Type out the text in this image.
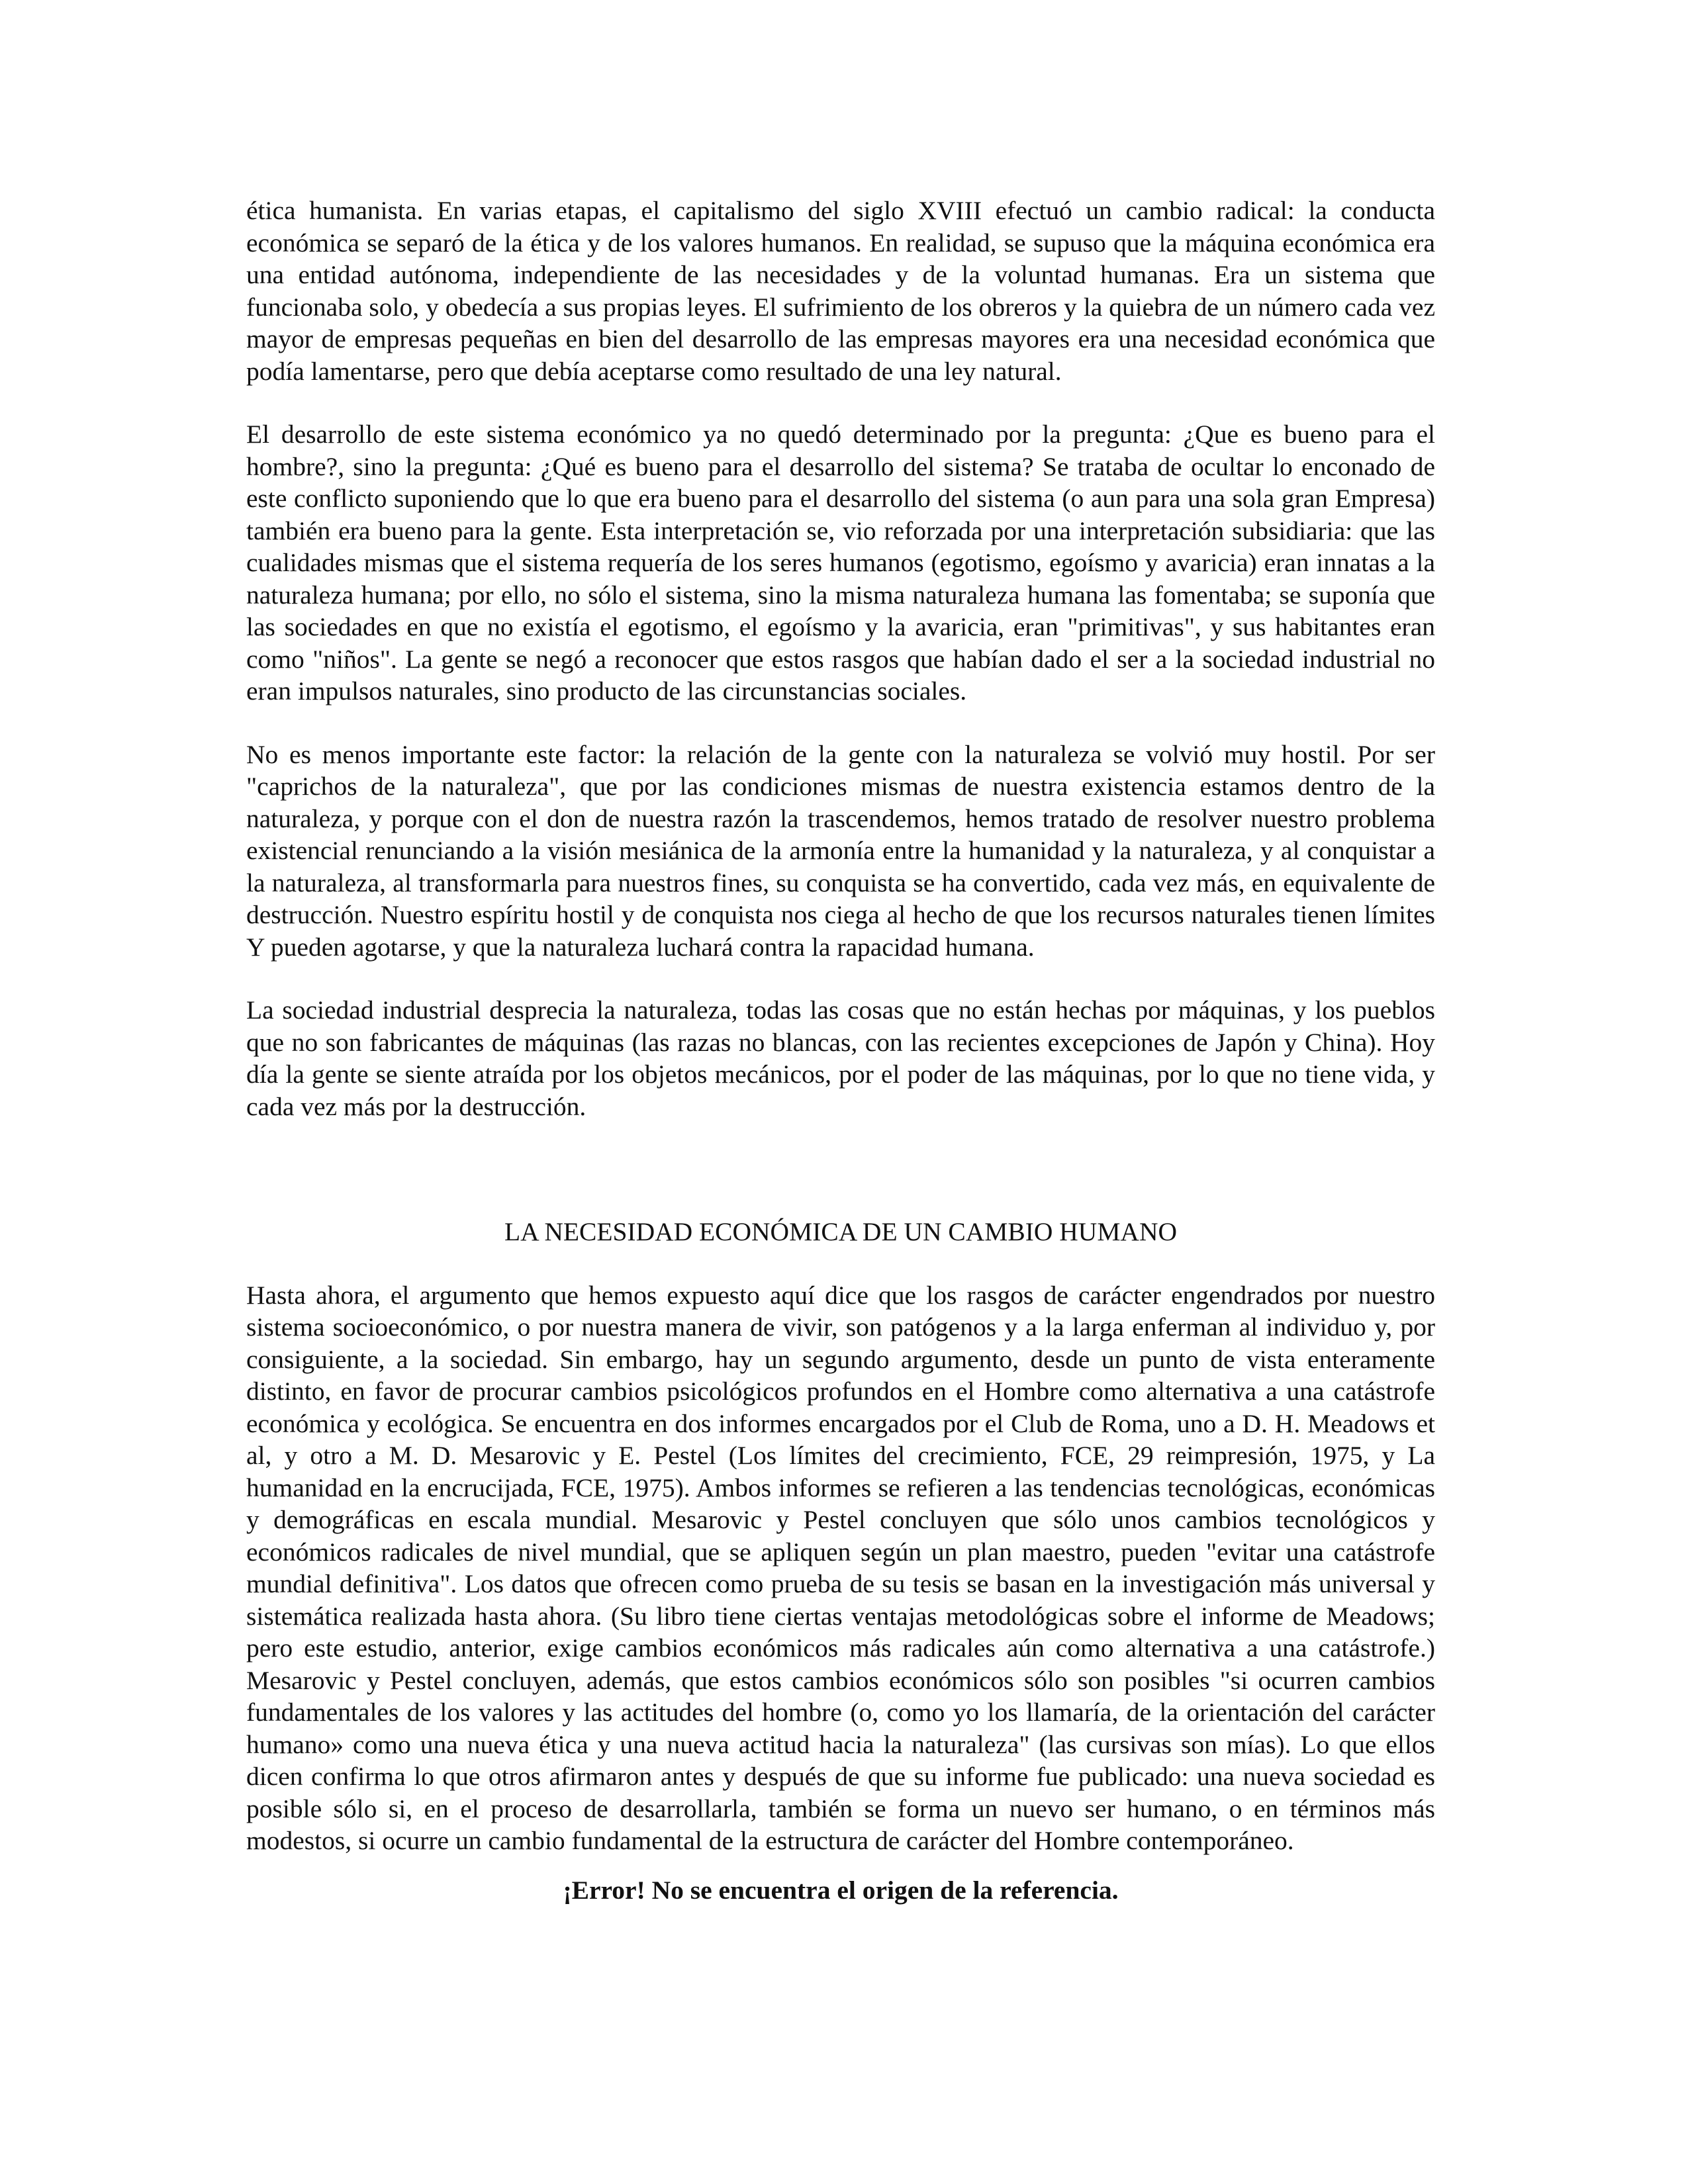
ética humanista. En varias etapas, el capitalismo del siglo XVIII efectuó un cambio radical: la conducta económica se separó de la ética y de los valores humanos. En realidad, se supuso que la máquina económica era una entidad autónoma, independiente de las necesidades y de la voluntad humanas. Era un sistema que funcionaba solo, y obedecía a sus propias leyes. El sufrimiento de los obreros y la quiebra de un número cada vez mayor de empresas pequeñas en bien del desarrollo de las empresas mayores era una necesidad económica que podía lamentarse, pero que debía aceptarse como resultado de una ley natural.

El desarrollo de este sistema económico ya no quedó determinado por la pregunta: ¿Que es bueno para el hombre?, sino la pregunta: ¿Qué es bueno para el desarrollo del sistema? Se trataba de ocultar lo enconado de este conflicto suponiendo que lo que era bueno para el desarrollo del sistema (o aun para una sola gran Empresa) también era bueno para la gente. Esta interpretación se, vio reforzada por una interpretación subsidiaria: que las cualidades mismas que el sistema requería de los seres humanos (egotismo, egoísmo y avaricia) eran innatas a la naturaleza humana; por ello, no sólo el sistema, sino la misma naturaleza humana las fomentaba; se suponía que las sociedades en que no existía el egotismo, el egoísmo y la avaricia, eran "primitivas", y sus habitantes eran como "niños". La gente se negó a reconocer que estos rasgos que habían dado el ser a la sociedad industrial no eran impulsos naturales, sino producto de las circunstancias sociales.

No es menos importante este factor: la relación de la gente con la naturaleza se volvió muy hostil. Por ser "caprichos de la naturaleza", que por las condiciones mismas de nuestra existencia estamos dentro de la naturaleza, y porque con el don de nuestra razón la trascendemos, hemos tratado de resolver nuestro problema existencial renunciando a la visión mesiánica de la armonía entre la humanidad y la naturaleza, y al conquistar a la naturaleza, al transformarla para nuestros fines, su conquista se ha convertido, cada vez más, en equivalente de destrucción. Nuestro espíritu hostil y de conquista nos ciega al hecho de que los recursos naturales tienen límites Y pueden agotarse, y que la naturaleza luchará contra la rapacidad humana.

La sociedad industrial desprecia la naturaleza, todas las cosas que no están hechas por máquinas, y los pueblos que no son fabricantes de máquinas (las razas no blancas, con las recientes excepciones de Japón y China). Hoy día la gente se siente atraída por los objetos mecánicos, por el poder de las máquinas, por lo que no tiene vida, y cada vez más por la destrucción.

LA NECESIDAD ECONÓMICA DE UN CAMBIO HUMANO

Hasta ahora, el argumento que hemos expuesto aquí dice que los rasgos de carácter engendrados por nuestro sistema socioeconómico, o por nuestra manera de vivir, son patógenos y a la larga enferman al individuo y, por consiguiente, a la sociedad. Sin embargo, hay un segundo argumento, desde un punto de vista enteramente distinto, en favor de procurar cambios psicológicos profundos en el Hombre como alternativa a una catástrofe económica y ecológica. Se encuentra en dos informes encargados por el Club de Roma, uno a D. H. Meadows et al, y otro a M. D. Mesarovic y E. Pestel (Los límites del crecimiento, FCE, 29 reimpresión, 1975, y La humanidad en la encrucijada, FCE, 1975). Ambos informes se refieren a las tendencias tecnológicas, económicas y demográficas en escala mundial. Mesarovic y Pestel concluyen que sólo unos cambios tecnológicos y económicos radicales de nivel mundial, que se apliquen según un plan maestro, pueden "evitar una catástrofe mundial definitiva". Los datos que ofrecen como prueba de su tesis se basan en la investigación más universal y sistemática realizada hasta ahora. (Su libro tiene ciertas ventajas metodológicas sobre el informe de Meadows; pero este estudio, anterior, exige cambios económicos más radicales aún como alternativa a una catástrofe.) Mesarovic y Pestel concluyen, además, que estos cambios económicos sólo son posibles "si ocurren cambios fundamentales de los valores y las actitudes del hombre (o, como yo los llamaría, de la orientación del carácter humano» como una nueva ética y una nueva actitud hacia la naturaleza" (las cursivas son mías). Lo que ellos dicen confirma lo que otros afirmaron antes y después de que su informe fue publicado: una nueva sociedad es posible sólo si, en el proceso de desarrollarla, también se forma un nuevo ser humano, o en términos más modestos, si ocurre un cambio fundamental de la estructura de carácter del Hombre contemporáneo.

¡Error! No se encuentra el origen de la referencia.
